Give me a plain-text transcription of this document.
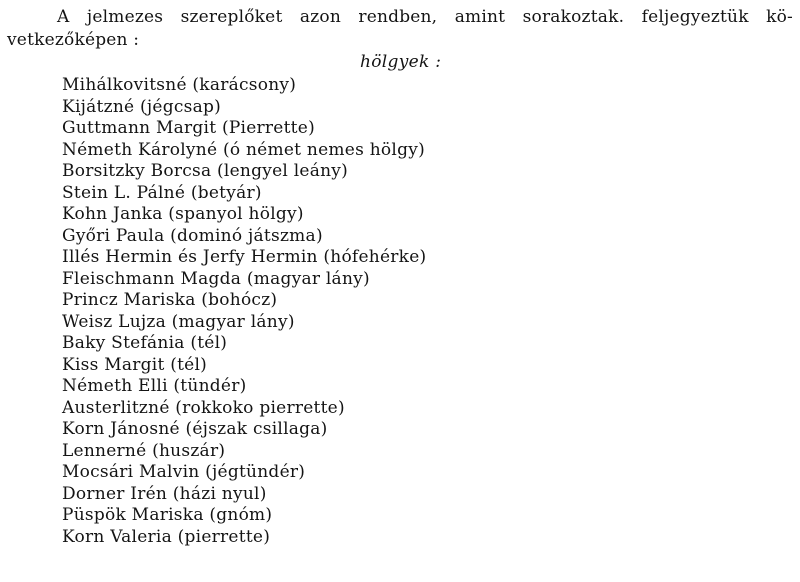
A jelmezes szereplőket azon rendben, amint sorakoztak. feljegyeztük kö-
vetkezőképen :
hölgyek :
Mihálkovitsné (karácsony)
Kijátzné (jégcsap)
Guttmann Margit (Pierrette)
Németh Károlyné (ó német nemes hölgy)
Borsitzky Borcsa (lengyel leány)
Stein L. Pálné (betyár)
Kohn Janka (spanyol hölgy)
Győri Paula (dominó játszma)
Illés Hermin és Jerfy Hermin (hófehérke)
Fleischmann Magda (magyar lány)
Princz Mariska (bohócz)
Weisz Lujza (magyar lány)
Baky Stefánia (tél)
Kiss Margit (tél)
Németh Elli (tündér)
Austerlitzné (rokkoko pierrette)
Korn Jánosné (éjszak csillaga)
Lennerné (huszár)
Mocsári Malvin (jégtündér)
Dorner Irén (házi nyul)
Püspök Mariska (gnóm)
Korn Valeria (pierrette)
